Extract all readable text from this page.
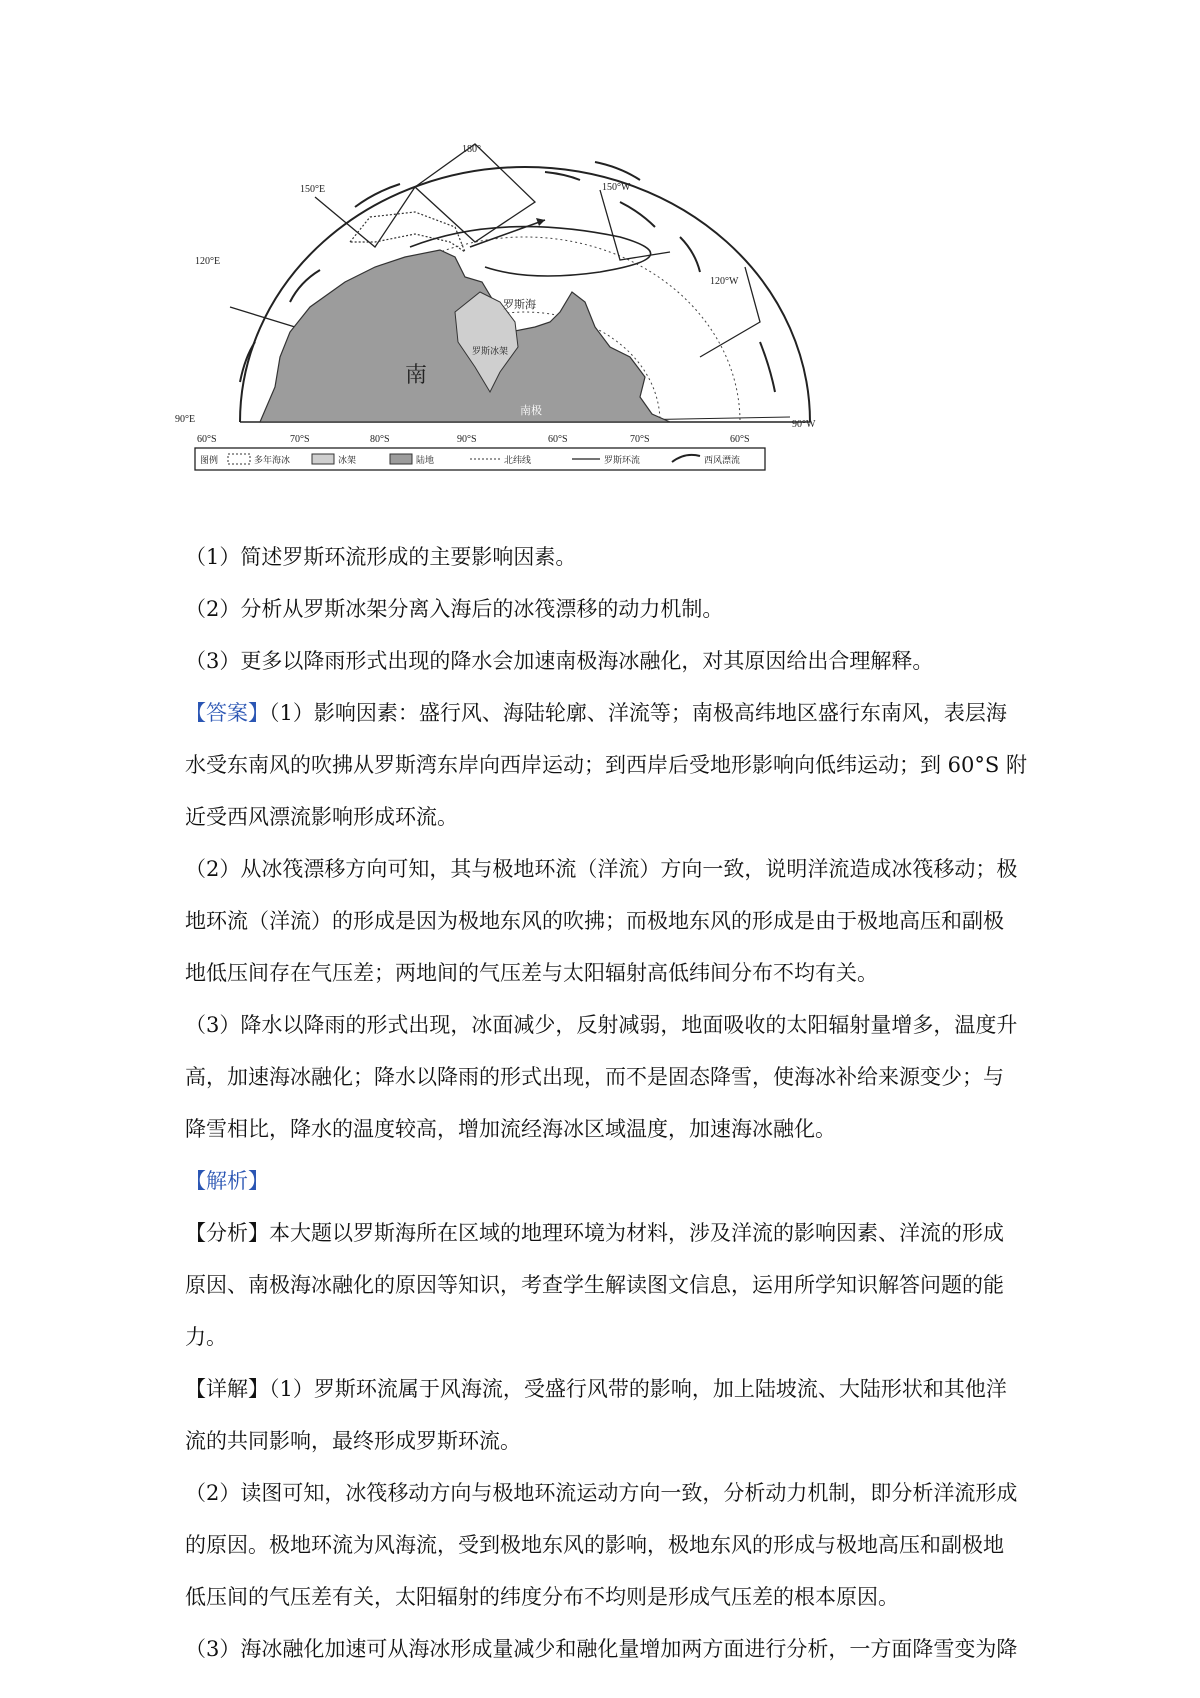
180°
150°E	150°W
120°E
120°W
90°E	90°W
60°S	70°S	80°S	90°S	60°S	70°S	60°S
罗斯海
罗斯冰架
南
南极
图例	多年海冰	冰架	陆地	北纬线	罗斯环流	西风漂流

（1）简述罗斯环流形成的主要影响因素。

（2）分析从罗斯冰架分离入海后的冰筏漂移的动力机制。

（3）更多以降雨形式出现的降水会加速南极海冰融化，对其原因给出合理解释。

【答案】（1）影响因素：盛行风、海陆轮廓、洋流等；南极高纬地区盛行东南风，表层海
水受东南风的吹拂从罗斯湾东岸向西岸运动；到西岸后受地形影响向低纬运动；到 60°S 附
近受西风漂流影响形成环流。

（2）从冰筏漂移方向可知，其与极地环流（洋流）方向一致，说明洋流造成冰筏移动；极
地环流（洋流）的形成是因为极地东风的吹拂；而极地东风的形成是由于极地高压和副极
地低压间存在气压差；两地间的气压差与太阳辐射高低纬间分布不均有关。

（3）降水以降雨的形式出现，冰面减少，反射减弱，地面吸收的太阳辐射量增多，温度升
高，加速海冰融化；降水以降雨的形式出现，而不是固态降雪，使海冰补给来源变少；与
降雪相比，降水的温度较高，增加流经海冰区域温度，加速海冰融化。

【解析】

【分析】本大题以罗斯海所在区域的地理环境为材料，涉及洋流的影响因素、洋流的形成
原因、南极海冰融化的原因等知识，考查学生解读图文信息，运用所学知识解答问题的能
力。

【详解】（1）罗斯环流属于风海流，受盛行风带的影响，加上陆坡流、大陆形状和其他洋
流的共同影响，最终形成罗斯环流。

（2）读图可知，冰筏移动方向与极地环流运动方向一致，分析动力机制，即分析洋流形成
的原因。极地环流为风海流，受到极地东风的影响，极地东风的形成与极地高压和副极地
低压间的气压差有关，太阳辐射的纬度分布不均则是形成气压差的根本原因。

（3）海冰融化加速可从海冰形成量减少和融化量增加两方面进行分析，一方面降雪变为降
